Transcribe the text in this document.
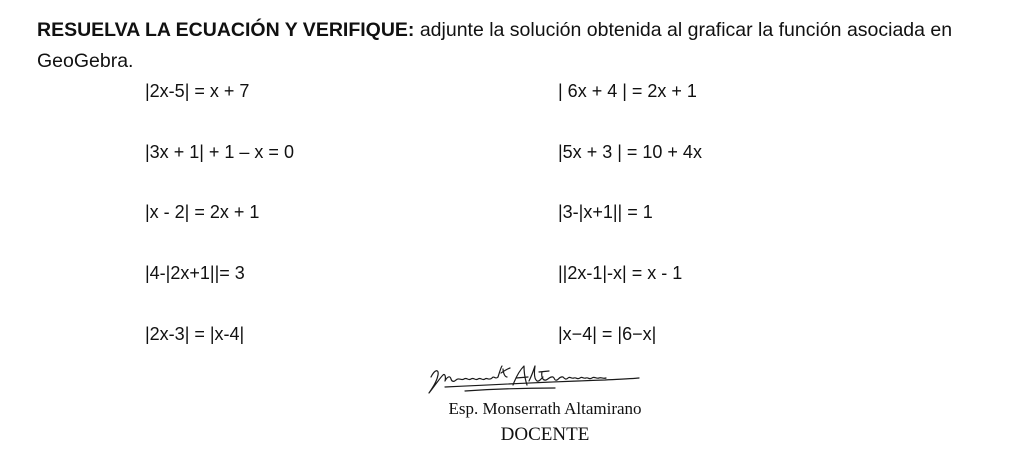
RESUELVA LA ECUACIÓN Y VERIFIQUE: adjunte la solución obtenida al graficar la función asociada en GeoGebra.

|2x-5| = x + 7
|3x + 1| + 1 – x = 0
|x - 2| = 2x + 1
|4-|2x+1||= 3
|2x-3| = |x-4|
| 6x + 4 | = 2x + 1
|5x + 3 | = 10 + 4x
|3-|x+1|| = 1
||2x-1|-x| = x - 1
|x−4| = |6−x|
Esp. Monserrath Altamirano
DOCENTE
